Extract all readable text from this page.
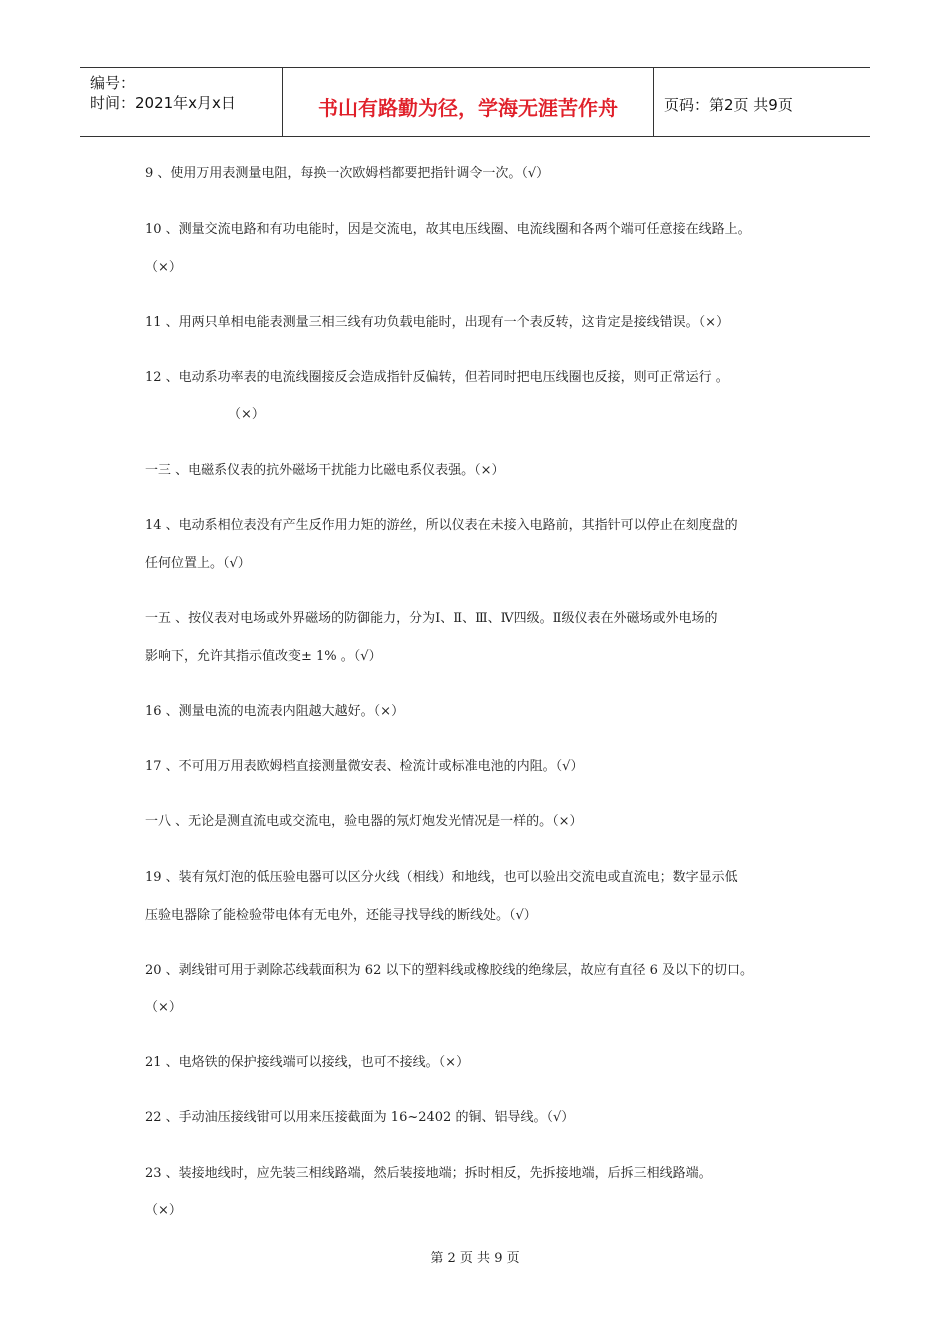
编号：
时间：2021年x月x日	书山有路勤为径，学海无涯苦作舟	页码：第2页 共9页
9 、使用万用表测量电阻，每换一次欧姆档都要把指针调令一次。（√）
10 、测量交流电路和有功电能时，因是交流电，故其电压线圈、电流线圈和各两个端可任意接在线路上。
（×）
11 、用两只单相电能表测量三相三线有功负载电能时，出现有一个表反转，这肯定是接线错误。（×）
12 、电动系功率表的电流线圈接反会造成指针反偏转，但若同时把电压线圈也反接，则可正常运行 。
（×）
一三 、电磁系仪表的抗外磁场干扰能力比磁电系仪表强。（×）
14 、电动系相位表没有产生反作用力矩的游丝，所以仪表在未接入电路前，其指针可以停止在刻度盘的
任何位置上。（√）
一五 、按仪表对电场或外界磁场的防御能力，分为Ⅰ、Ⅱ、Ⅲ、Ⅳ四级。Ⅱ级仪表在外磁场或外电场的
影响下，允许其指示值改变± 1% 。（√）
16 、测量电流的电流表内阻越大越好。（×）
17 、不可用万用表欧姆档直接测量微安表、检流计或标准电池的内阻。（√）
一八 、无论是测直流电或交流电，验电器的氖灯炮发光情况是一样的。（×）
19 、装有氖灯泡的低压验电器可以区分火线（相线）和地线，也可以验出交流电或直流电；数字显示低
压验电器除了能检验带电体有无电外，还能寻找导线的断线处。（√）
20 、剥线钳可用于剥除芯线载面积为 62 以下的塑料线或橡胶线的绝缘层，故应有直径 6 及以下的切口。
（×）
21 、电烙铁的保护接线端可以接线，也可不接线。（×）
22 、手动油压接线钳可以用来压接截面为 16~2402 的铜、铝导线。（√）
23 、装接地线时，应先装三相线路端，然后装接地端；拆时相反，先拆接地端，后拆三相线路端。
（×）
第 2 页 共 9 页
